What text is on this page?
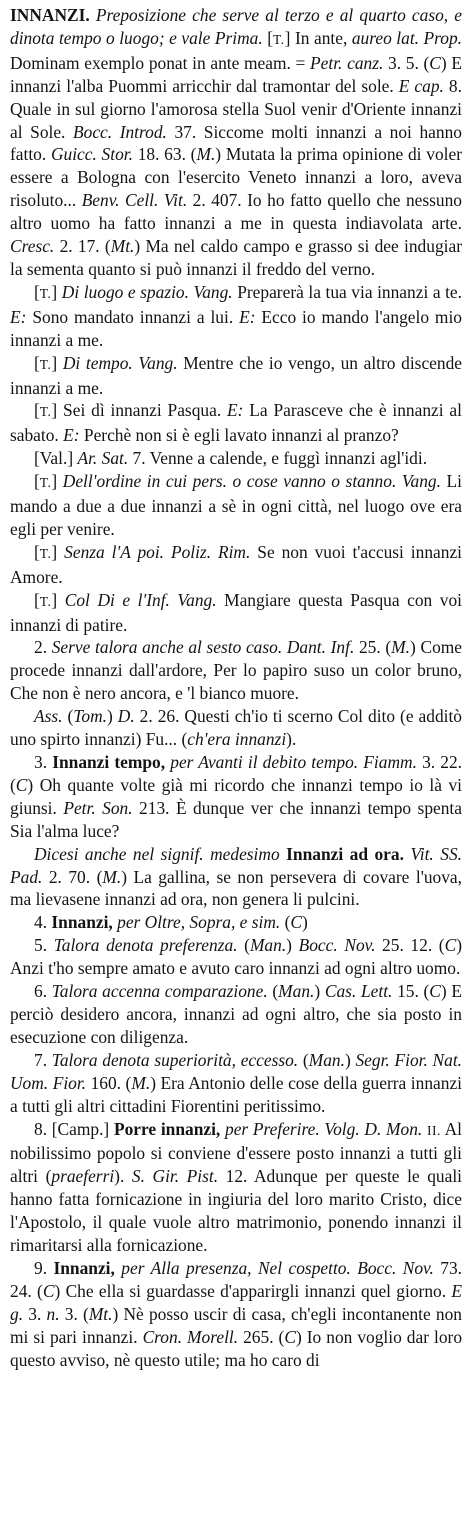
INNANZI. Preposizione che serve al terzo e al quarto caso, e dinota tempo o luogo; e vale Prima. [T.] In ante, aureo lat. Prop. Dominam exemplo ponat in ante meam. = Petr. canz. 3. 5. (C) E innanzi l'alba Puommi arricchir dal tramontar del sole. E cap. 8. Quale in sul giorno l'amorosa stella Suol venir d'Oriente innanzi al Sole. Bocc. Introd. 37. Siccome molti innanzi a noi hanno fatto. Guicc. Stor. 18. 63. (M.) Mutata la prima opinione di voler essere a Bologna con l'esercito Veneto innanzi a loro, aveva risoluto... Benv. Cell. Vit. 2. 407. Io ho fatto quello che nessuno altro uomo ha fatto innanzi a me in questa indiavolata arte. Cresc. 2. 17. (Mt.) Ma nel caldo campo e grasso si dee indugiar la sementa quanto si può innanzi il freddo del verno.

[T.] Di luogo e spazio. Vang. Preparerà la tua via innanzi a te. E: Sono mandato innanzi a lui. E: Ecco io mando l'angelo mio innanzi a me.

[T.] Di tempo. Vang. Mentre che io vengo, un altro discende innanzi a me.

[T.] Sei dì innanzi Pasqua. E: La Parasceve che è innanzi al sabato. E: Perchè non si è egli lavato innanzi al pranzo?

[Val.] Ar. Sat. 7. Venne a calende, e fuggì innanzi agl'idi.

[T.] Dell'ordine in cui pers. o cose vanno o stanno. Vang. Li mando a due a due innanzi a sè in ogni città, nel luogo ove era egli per venire.

[T.] Senza l'A poi. Poliz. Rim. Se non vuoi t'accusi innanzi Amore.

[T.] Col Di e l'Inf. Vang. Mangiare questa Pasqua con voi innanzi di patire.

2. Serve talora anche al sesto caso. Dant. Inf. 25. (M.) Come procede innanzi dall'ardore, Per lo papiro suso un color bruno, Che non è nero ancora, e 'l bianco muore.

Ass. (Tom.) D. 2. 26. Questi ch'io ti scerno Col dito (e additò uno spirto innanzi) Fu... (ch'era innanzi).

3. Innanzi tempo, per Avanti il debito tempo. Fiamm. 3. 22. (C) Oh quante volte già mi ricordo che innanzi tempo io là vi giunsi. Petr. Son. 213. È dunque ver che innanzi tempo spenta Sia l'alma luce?

Dicesi anche nel signif. medesimo Innanzi ad ora. Vit. SS. Pad. 2. 70. (M.) La gallina, se non persevera di covare l'uova, ma lievasene innanzi ad ora, non genera li pulcini.

4. Innanzi, per Oltre, Sopra, e sim. (C)

5. Talora denota preferenza. (Man.) Bocc. Nov. 25. 12. (C) Anzi t'ho sempre amato e avuto caro innanzi ad ogni altro uomo.

6. Talora accenna comparazione. (Man.) Cas. Lett. 15. (C) E perciò desidero ancora, innanzi ad ogni altro, che sia posto in esecuzione con diligenza.

7. Talora denota superiorità, eccesso. (Man.) Segr. Fior. Nat. Uom. Fior. 160. (M.) Era Antonio delle cose della guerra innanzi a tutti gli altri cittadini Fiorentini peritissimo.

8. [Camp.] Porre innanzi, per Preferire. Volg. D. Mon. II. Al nobilissimo popolo si conviene d'essere posto innanzi a tutti gli altri (praeferri). S. Gir. Pist. 12. Adunque per queste le quali hanno fatta fornicazione in ingiuria del loro marito Cristo, dice l'Apostolo, il quale vuole altro matrimonio, ponendo innanzi il rimaritarsi alla fornicazione.

9. Innanzi, per Alla presenza, Nel cospetto. Bocc. Nov. 73. 24. (C) Che ella si guardasse d'apparirgli innanzi quel giorno. E g. 3. n. 3. (Mt.) Nè posso uscir di casa, ch'egli incontanente non mi si pari innanzi. Cron. Morell. 265. (C) Io non voglio dar loro questo avviso, nè questo utile; ma ho caro di
